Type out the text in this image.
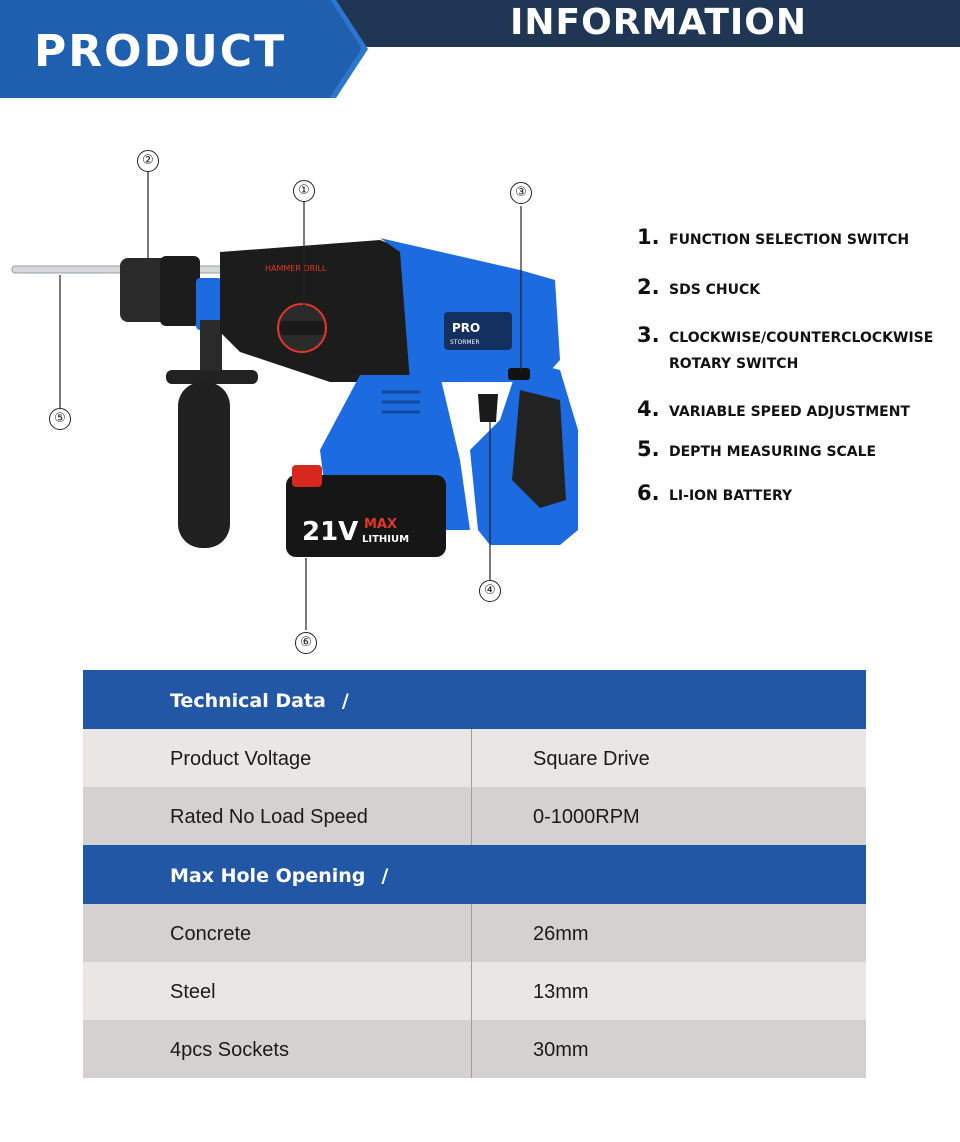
PRODUCT
INFORMATION
21V MAX
LITHIUM
HAMMER DRILL
PRO
STORMER
①
②
③
④
⑤
⑥
1. FUNCTION SELECTION SWITCH
2. SDS CHUCK
3. CLOCKWISE/COUNTERCLOCKWISE ROTARY SWITCH
4. VARIABLE SPEED ADJUSTMENT
5. DEPTH MEASURING SCALE
6. LI-ION BATTERY
Technical Data /
Product Voltage	Square Drive
Rated No Load Speed	0-1000RPM
Max Hole Opening /
Concrete	26mm
Steel	13mm
4pcs Sockets	30mm
